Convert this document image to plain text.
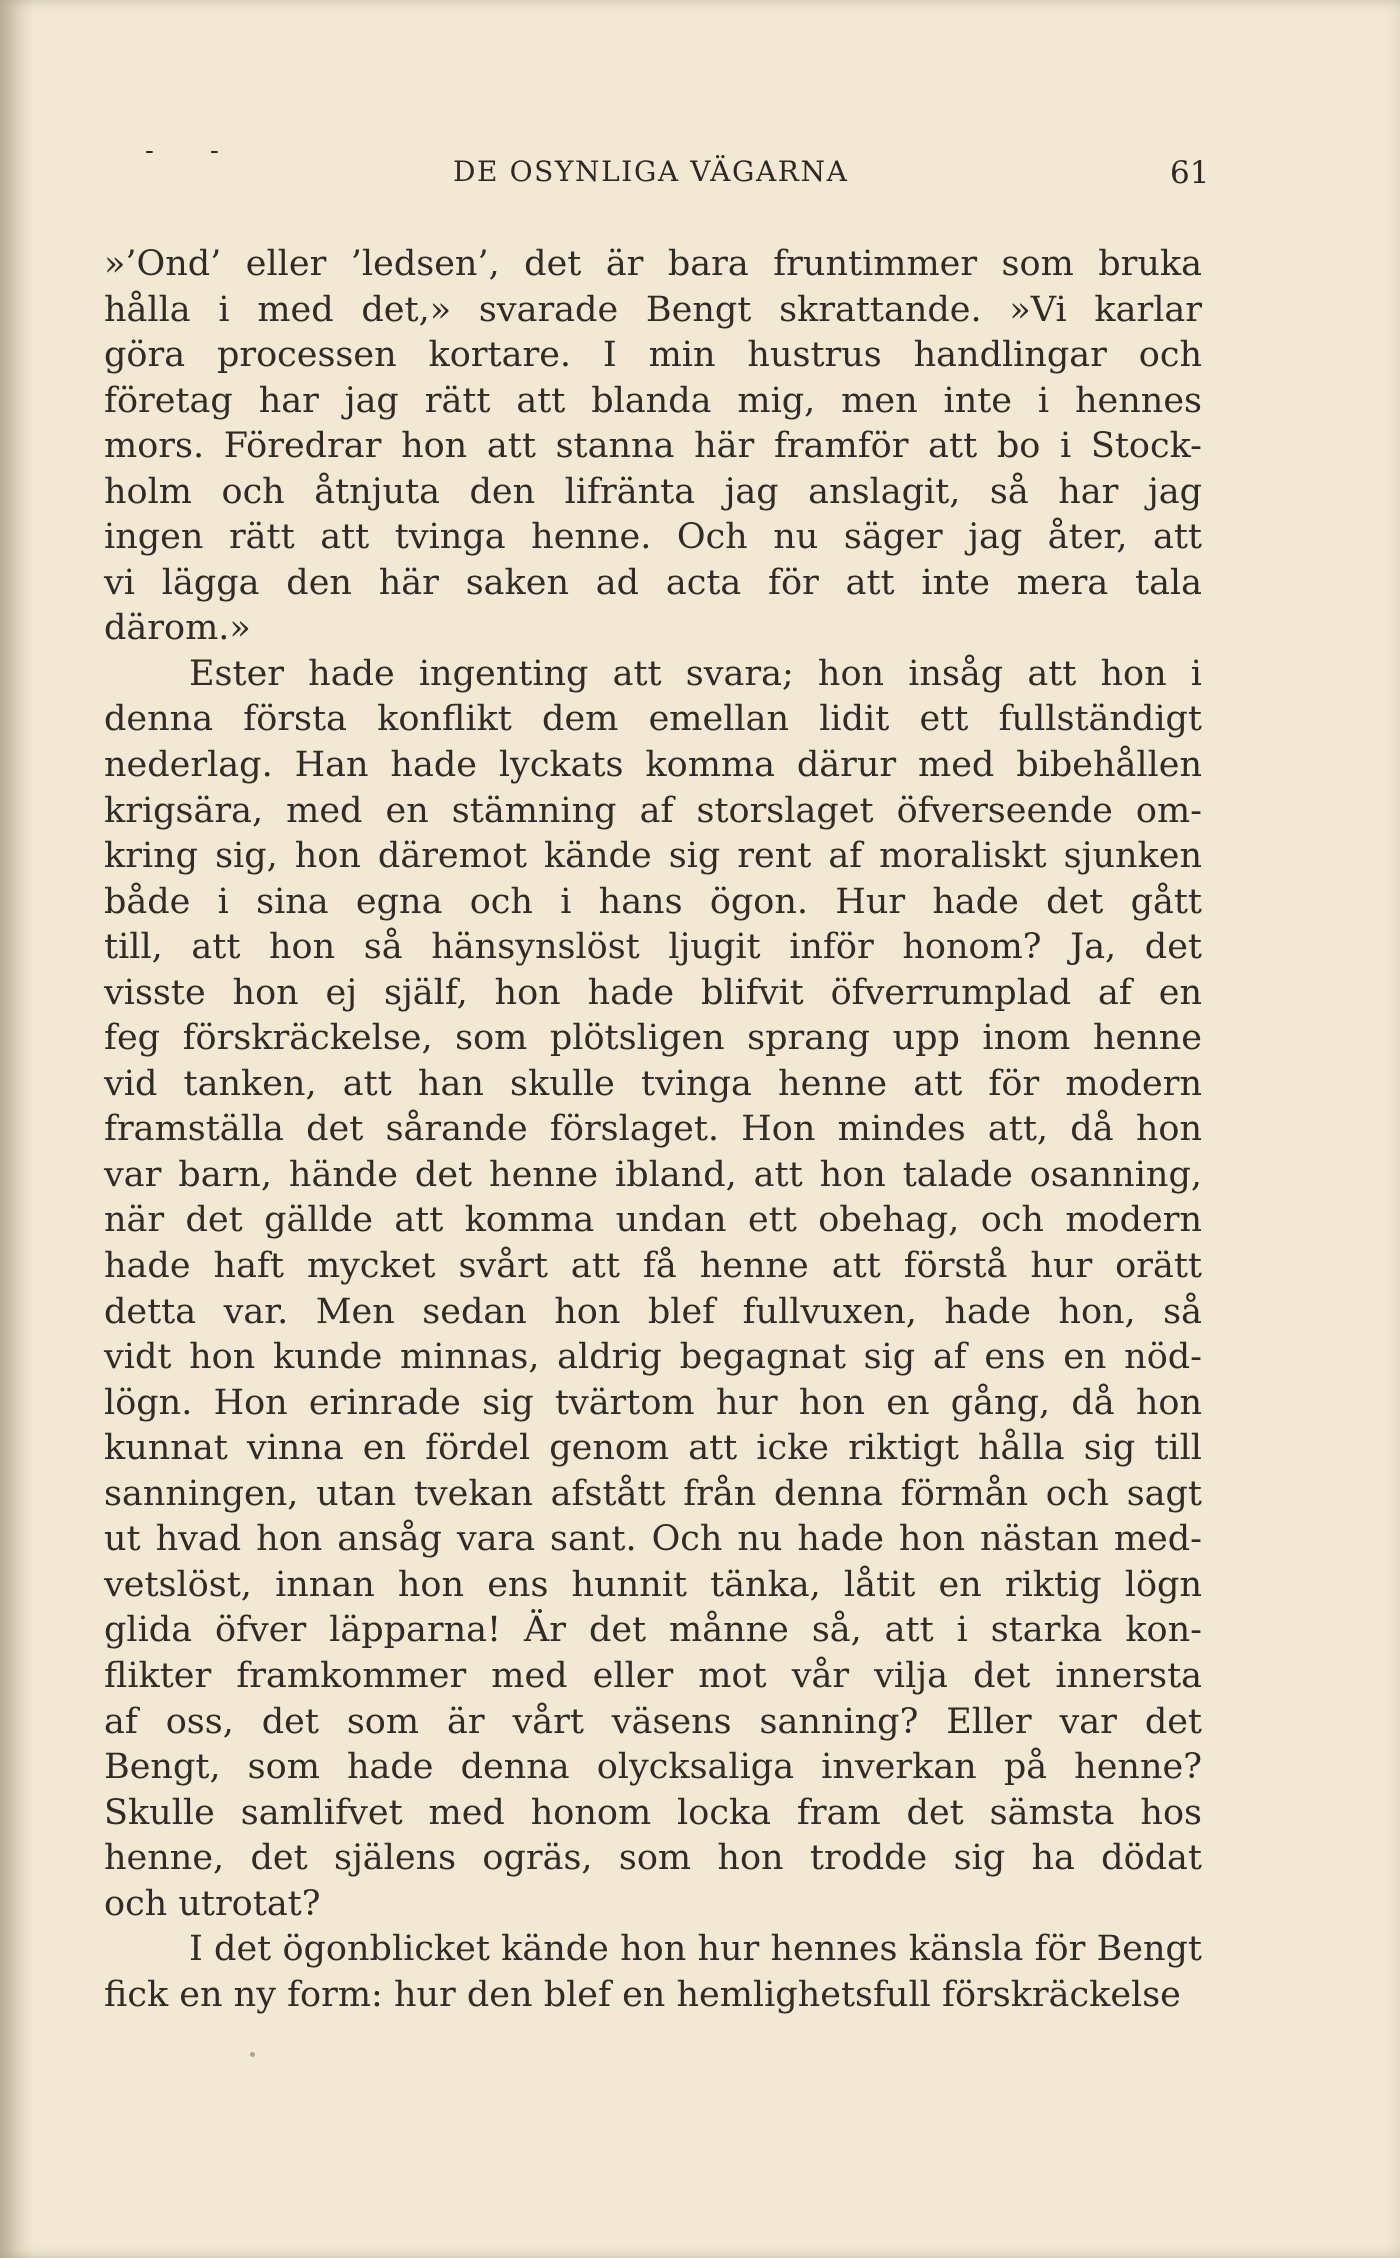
- -
DE OSYNLIGA VÄGARNA	61
»’Ond’ eller ’ledsen’, det är bara fruntimmer som bruka
hålla i med det,» svarade Bengt skrattande. »Vi karlar
göra processen kortare. I min hustrus handlingar och
företag har jag rätt att blanda mig, men inte i hennes
mors. Föredrar hon att stanna här framför att bo i Stock-
holm och åtnjuta den lifränta jag anslagit, så har jag
ingen rätt att tvinga henne. Och nu säger jag åter, att
vi lägga den här saken ad acta för att inte mera tala
därom.»
Ester hade ingenting att svara; hon insåg att hon i
denna första konflikt dem emellan lidit ett fullständigt
nederlag. Han hade lyckats komma därur med bibehållen
krigsära, med en stämning af storslaget öfverseende om-
kring sig, hon däremot kände sig rent af moraliskt sjunken
både i sina egna och i hans ögon. Hur hade det gått
till, att hon så hänsynslöst ljugit inför honom? Ja, det
visste hon ej själf, hon hade blifvit öfverrumplad af en
feg förskräckelse, som plötsligen sprang upp inom henne
vid tanken, att han skulle tvinga henne att för modern
framställa det sårande förslaget. Hon mindes att, då hon
var barn, hände det henne ibland, att hon talade osanning,
när det gällde att komma undan ett obehag, och modern
hade haft mycket svårt att få henne att förstå hur orätt
detta var. Men sedan hon blef fullvuxen, hade hon, så
vidt hon kunde minnas, aldrig begagnat sig af ens en nöd-
lögn. Hon erinrade sig tvärtom hur hon en gång, då hon
kunnat vinna en fördel genom att icke riktigt hålla sig till
sanningen, utan tvekan afstått från denna förmån och sagt
ut hvad hon ansåg vara sant. Och nu hade hon nästan med-
vetslöst, innan hon ens hunnit tänka, låtit en riktig lögn
glida öfver läpparna! Är det månne så, att i starka kon-
flikter framkommer med eller mot vår vilja det innersta
af oss, det som är vårt väsens sanning? Eller var det
Bengt, som hade denna olycksaliga inverkan på henne?
Skulle samlifvet med honom locka fram det sämsta hos
henne, det själens ogräs, som hon trodde sig ha dödat
och utrotat?
I det ögonblicket kände hon hur hennes känsla för Bengt
fick en ny form: hur den blef en hemlighetsfull förskräckelse
